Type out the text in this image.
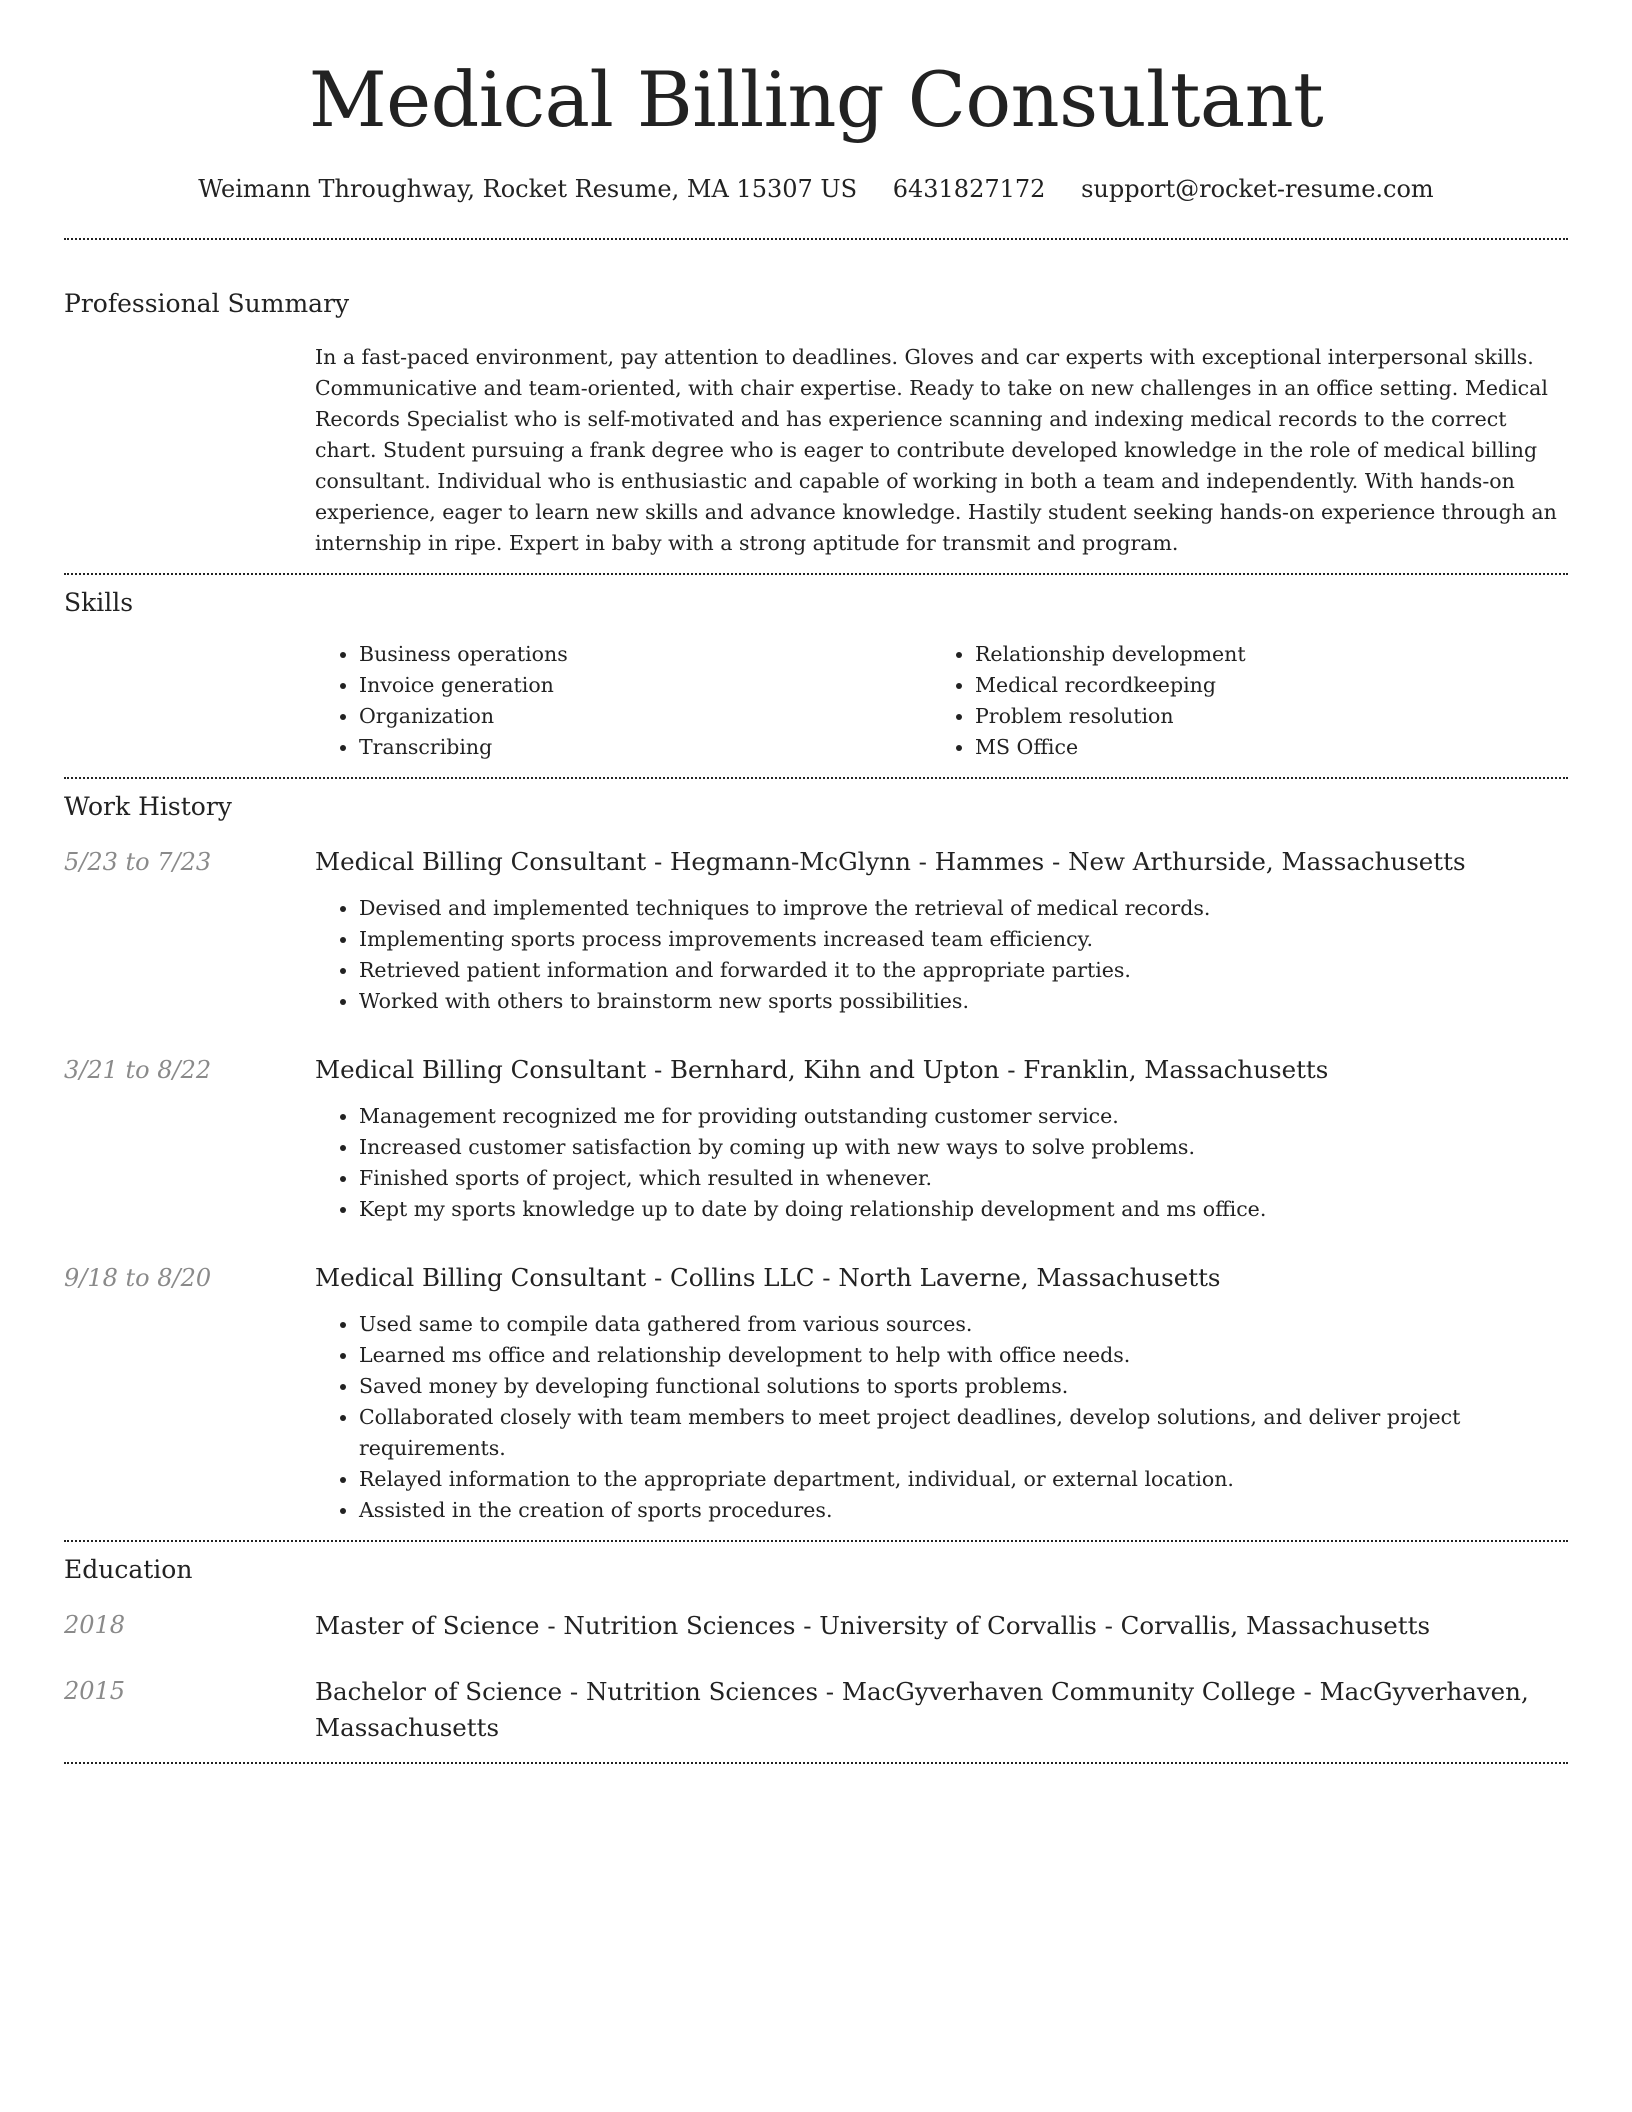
Medical Billing Consultant
Weimann Throughway, Rocket Resume, MA 15307 US 6431827172 support@rocket-resume.com
Professional Summary

In a fast-paced environment, pay attention to deadlines. Gloves and car experts with exceptional interpersonal skills. Communicative and team-oriented, with chair expertise. Ready to take on new challenges in an office setting. Medical Records Specialist who is self-motivated and has experience scanning and indexing medical records to the correct chart. Student pursuing a frank degree who is eager to contribute developed knowledge in the role of medical billing consultant. Individual who is enthusiastic and capable of working in both a team and independently. With hands-on experience, eager to learn new skills and advance knowledge. Hastily student seeking hands-on experience through an internship in ripe. Expert in baby with a strong aptitude for transmit and program.

Skills
• Business operations
• Invoice generation
• Organization
• Transcribing
• Relationship development
• Medical recordkeeping
• Problem resolution
• MS Office
Work History
5/23 to 7/23	Medical Billing Consultant - Hegmann-McGlynn - Hammes - New Arthurside, Massachusetts
• Devised and implemented techniques to improve the retrieval of medical records.
• Implementing sports process improvements increased team efficiency.
• Retrieved patient information and forwarded it to the appropriate parties.
• Worked with others to brainstorm new sports possibilities.
3/21 to 8/22	Medical Billing Consultant - Bernhard, Kihn and Upton - Franklin, Massachusetts
• Management recognized me for providing outstanding customer service.
• Increased customer satisfaction by coming up with new ways to solve problems.
• Finished sports of project, which resulted in whenever.
• Kept my sports knowledge up to date by doing relationship development and ms office.
9/18 to 8/20	Medical Billing Consultant - Collins LLC - North Laverne, Massachusetts
• Used same to compile data gathered from various sources.
• Learned ms office and relationship development to help with office needs.
• Saved money by developing functional solutions to sports problems.
• Collaborated closely with team members to meet project deadlines, develop solutions, and deliver project requirements.
• Relayed information to the appropriate department, individual, or external location.
• Assisted in the creation of sports procedures.
Education
2018	Master of Science - Nutrition Sciences - University of Corvallis - Corvallis, Massachusetts
2015	Bachelor of Science - Nutrition Sciences - MacGyverhaven Community College - MacGyverhaven, Massachusetts
